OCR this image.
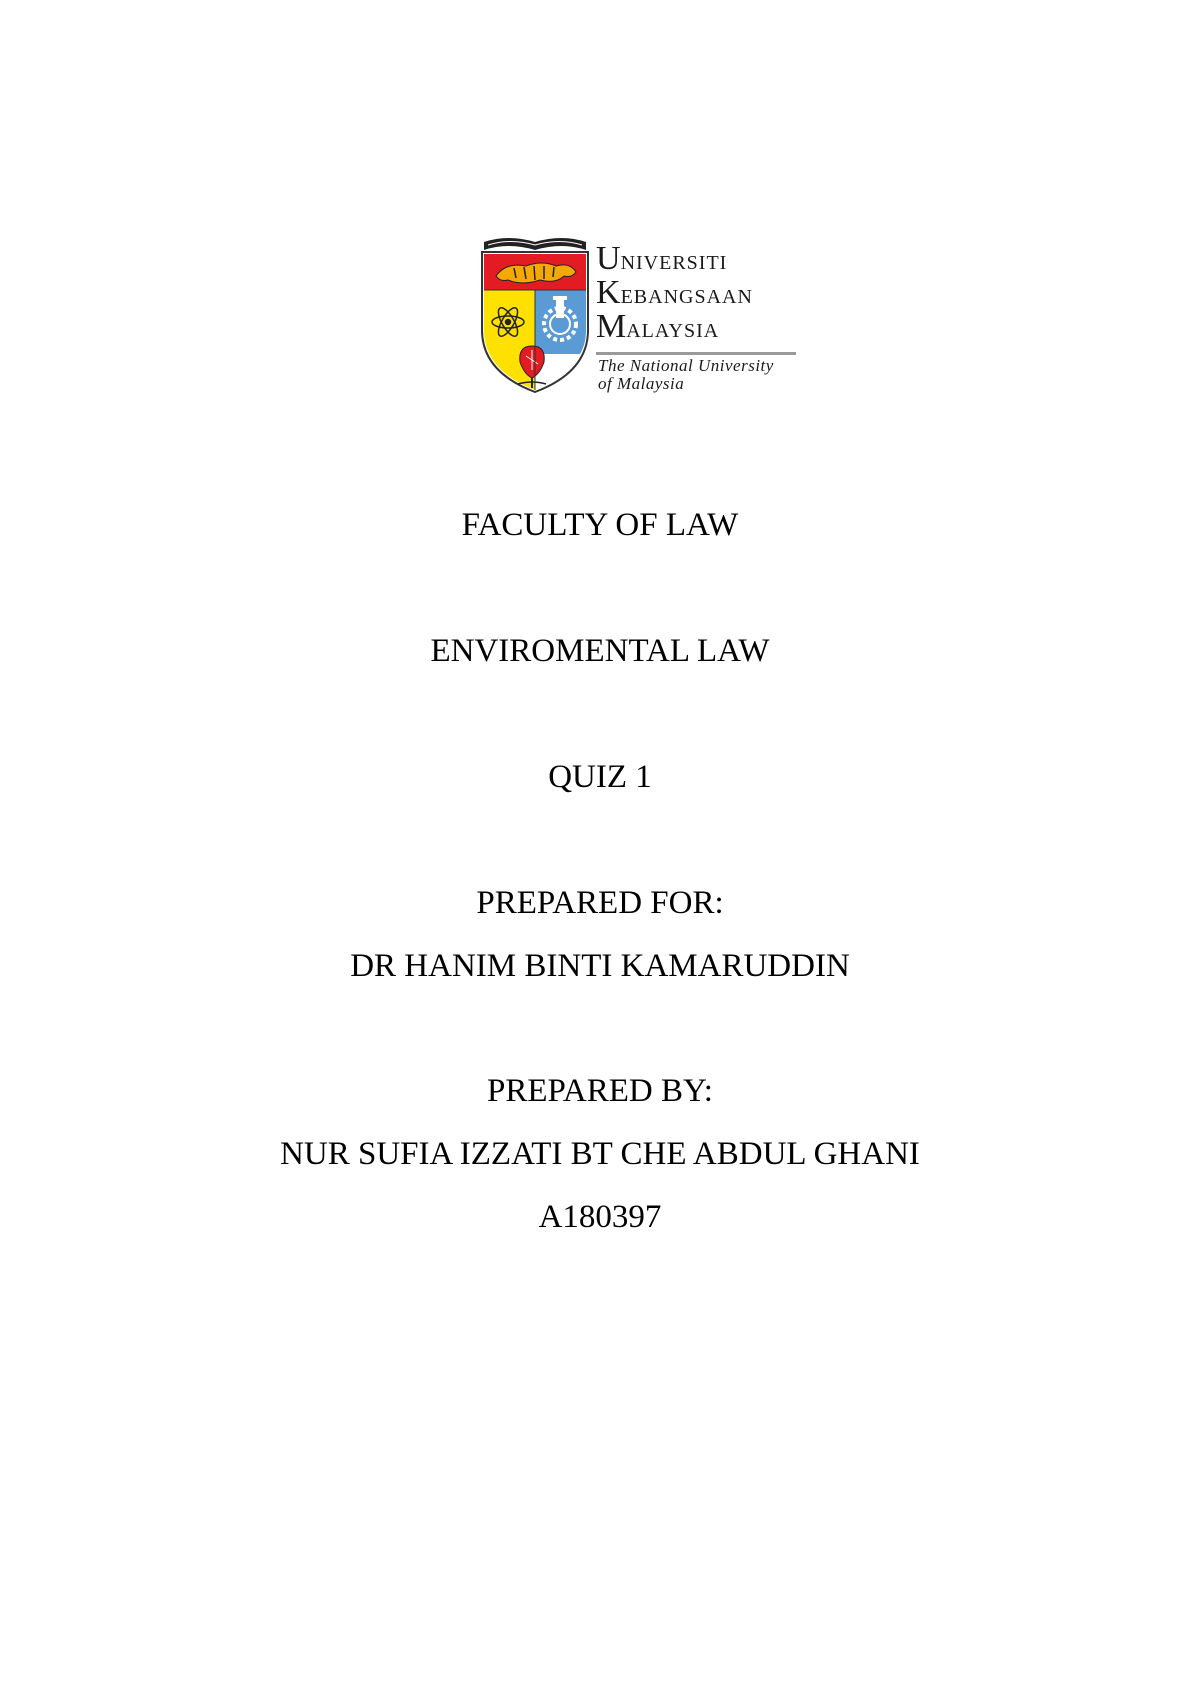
UNIVERSITI
KEBANGSAAN
MALAYSIA
The National University
of Malaysia
FACULTY OF LAW
ENVIROMENTAL LAW
QUIZ 1
PREPARED FOR:
DR HANIM BINTI KAMARUDDIN
PREPARED BY:
NUR SUFIA IZZATI BT CHE ABDUL GHANI
A180397
